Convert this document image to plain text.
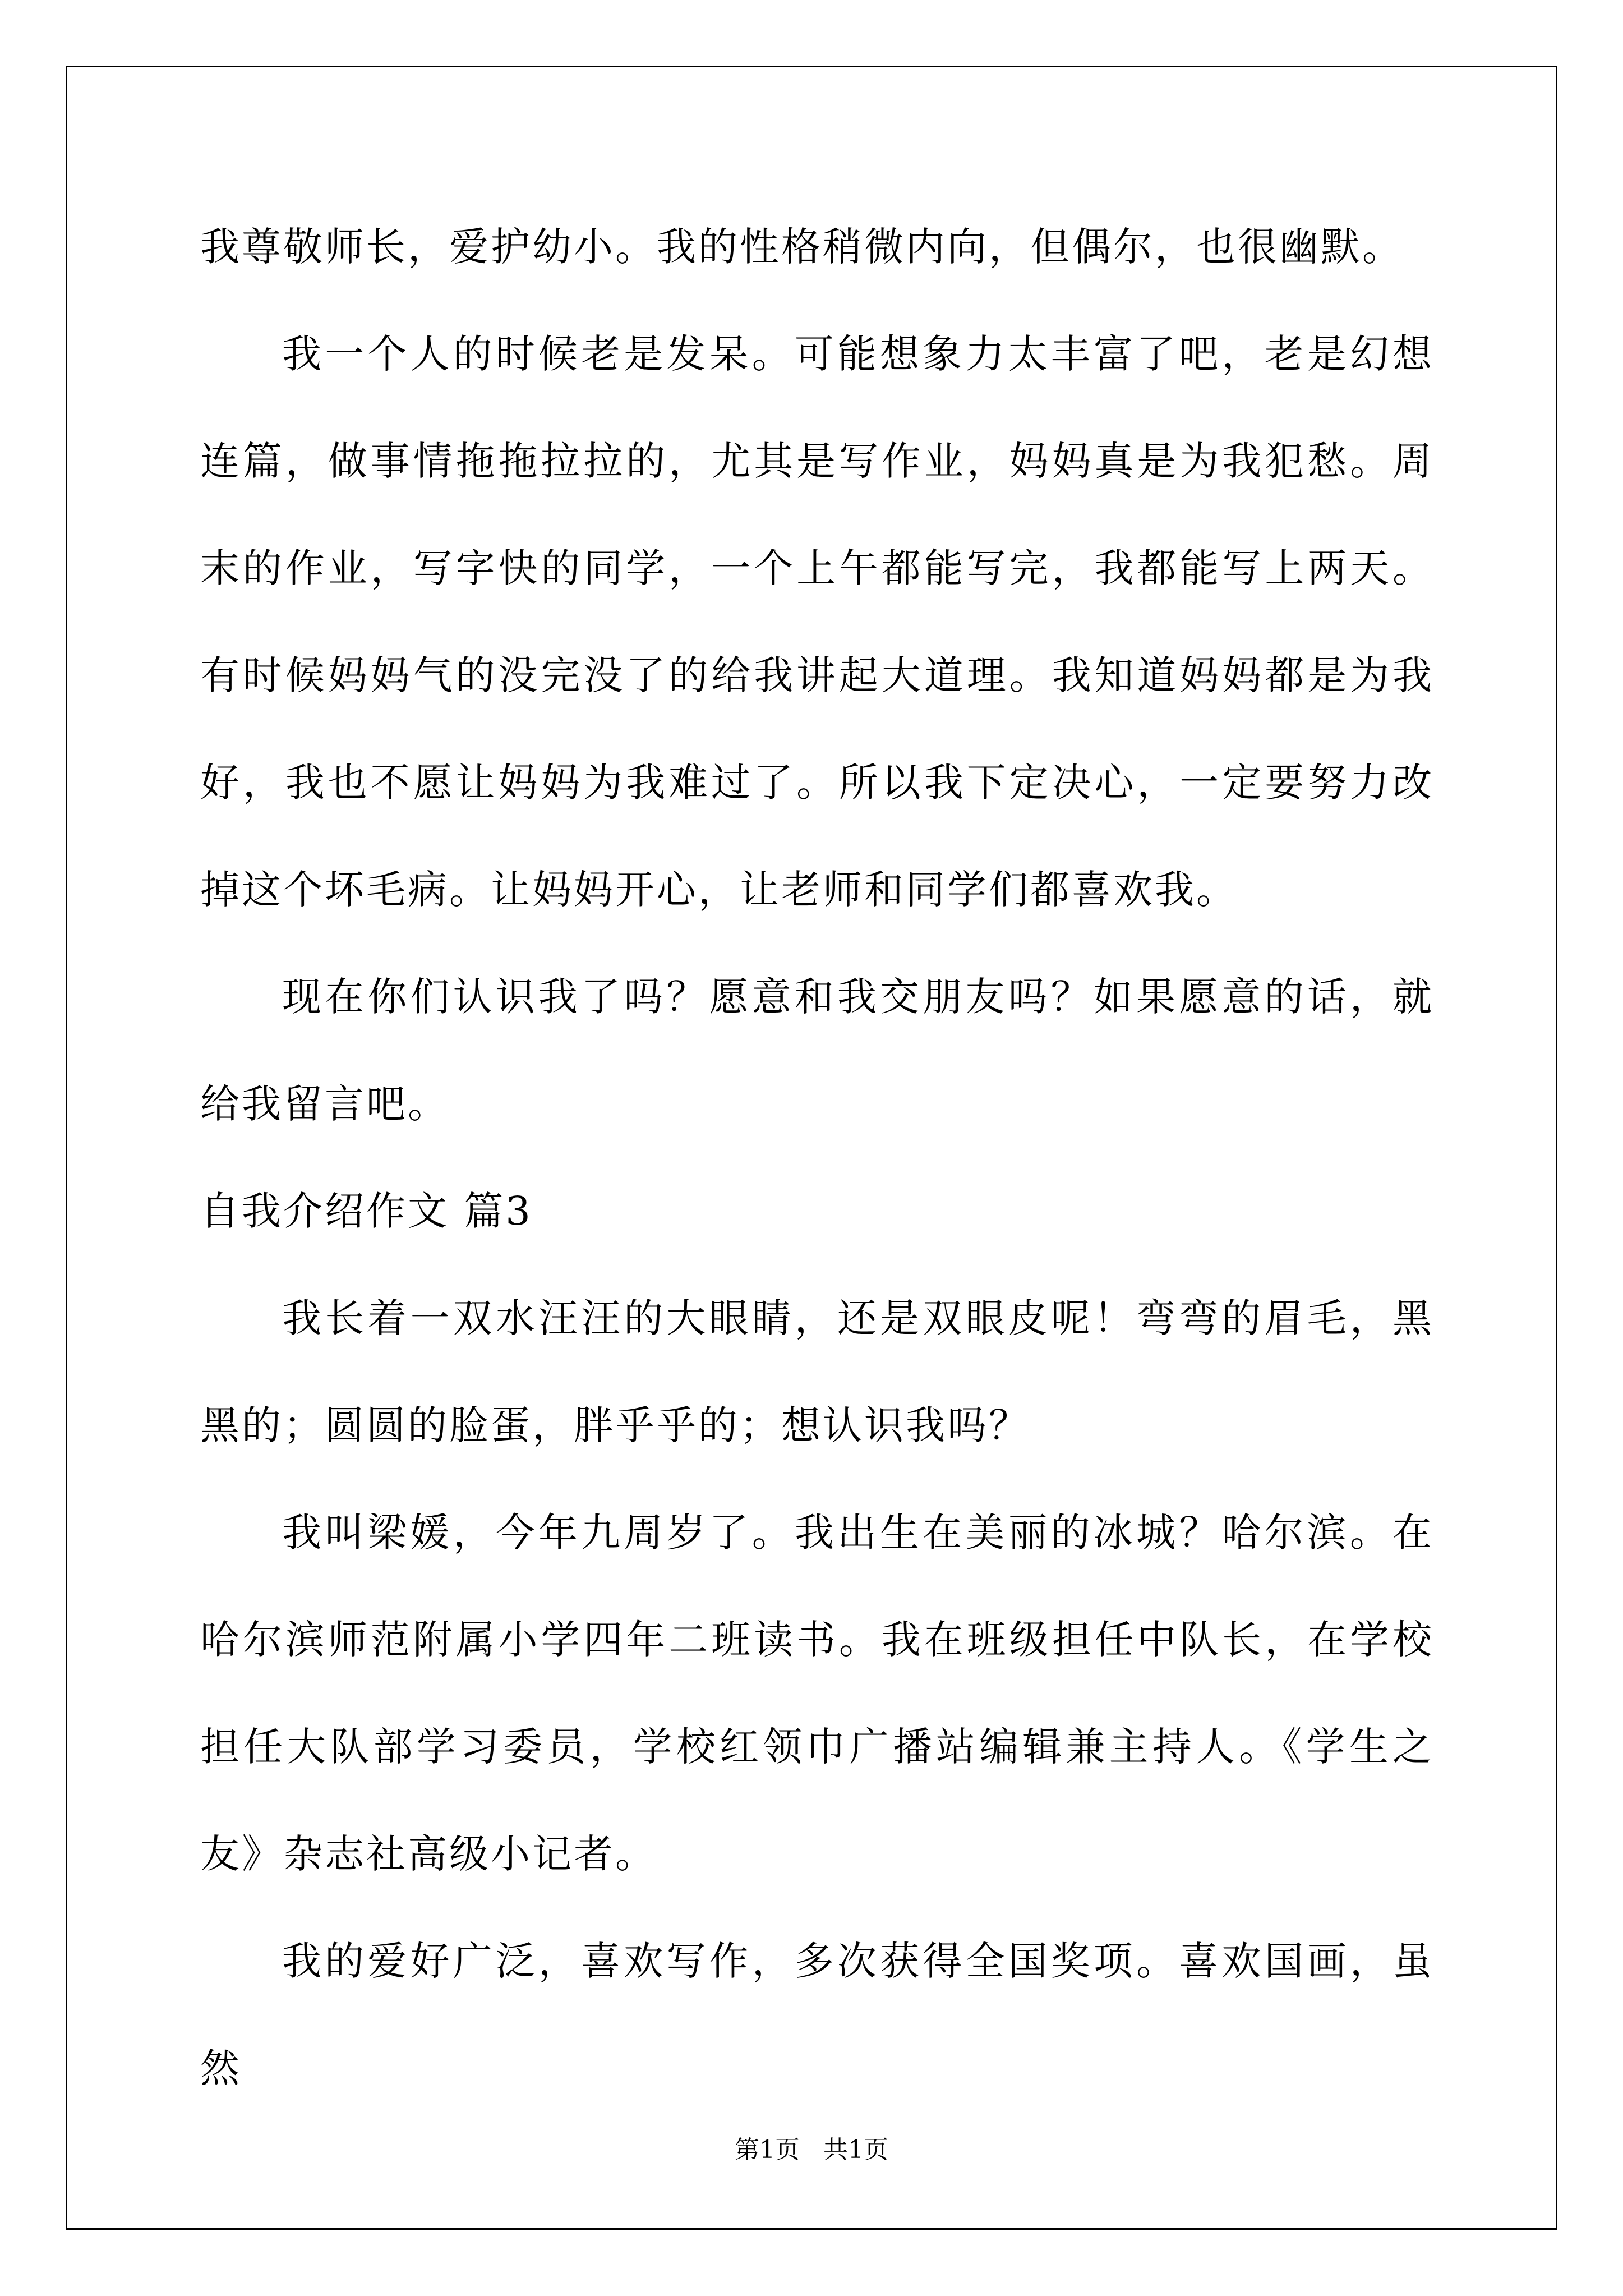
我尊敬师长，爱护幼小。我的性格稍微内向，但偶尔，也很幽默。

我一个人的时候老是发呆。可能想象力太丰富了吧，老是幻想连篇，做事情拖拖拉拉的，尤其是写作业，妈妈真是为我犯愁。周末的作业，写字快的同学，一个上午都能写完，我都能写上两天。有时候妈妈气的没完没了的给我讲起大道理。我知道妈妈都是为我好，我也不愿让妈妈为我难过了。所以我下定决心，一定要努力改掉这个坏毛病。让妈妈开心，让老师和同学们都喜欢我。

现在你们认识我了吗？愿意和我交朋友吗？如果愿意的话，就给我留言吧。

自我介绍作文 篇3

我长着一双水汪汪的大眼睛，还是双眼皮呢！弯弯的眉毛，黑黑的；圆圆的脸蛋，胖乎乎的；想认识我吗？

我叫梁媛，今年九周岁了。我出生在美丽的冰城？哈尔滨。在哈尔滨师范附属小学四年二班读书。我在班级担任中队长，在学校担任大队部学习委员，学校红领巾广播站编辑兼主持人。《学生之友》杂志社高级小记者。

我的爱好广泛，喜欢写作，多次获得全国奖项。喜欢国画，虽然

第1页 共1页
